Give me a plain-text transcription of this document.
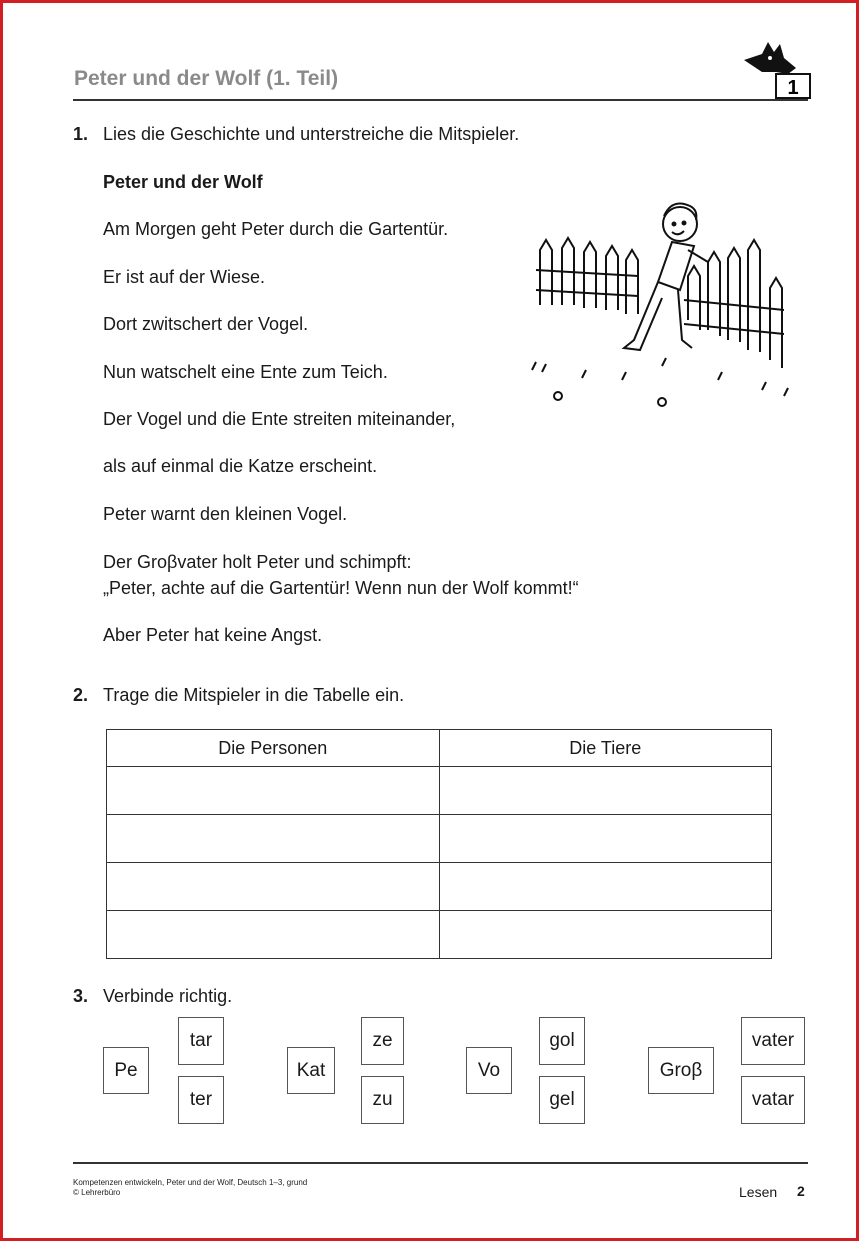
Peter und der Wolf (1. Teil)	1
1. Lies die Geschichte und unterstreiche die Mitspieler.
Peter und der Wolf
Am Morgen geht Peter durch die Gartentür.
Er ist auf der Wiese.
Dort zwitschert der Vogel.
Nun watschelt eine Ente zum Teich.
Der Vogel und die Ente streiten miteinander,
als auf einmal die Katze erscheint.
Peter warnt den kleinen Vogel.
Der Groβvater holt Peter und schimpft:
„Peter, achte auf die Gartentür! Wenn nun der Wolf kommt!“
Aber Peter hat keine Angst.
2. Trage die Mitspieler in die Tabelle ein.
Die Personen	Die Tiere

3. Verbinde richtig.
Pe
tar
ter
Kat
ze
zu
Vo
gol
gel
Groβ
vater
vatar
Kompetenzen entwickeln, Peter und der Wolf, Deutsch 1–3, grund
© Lehrerbüro	Lesen 2
